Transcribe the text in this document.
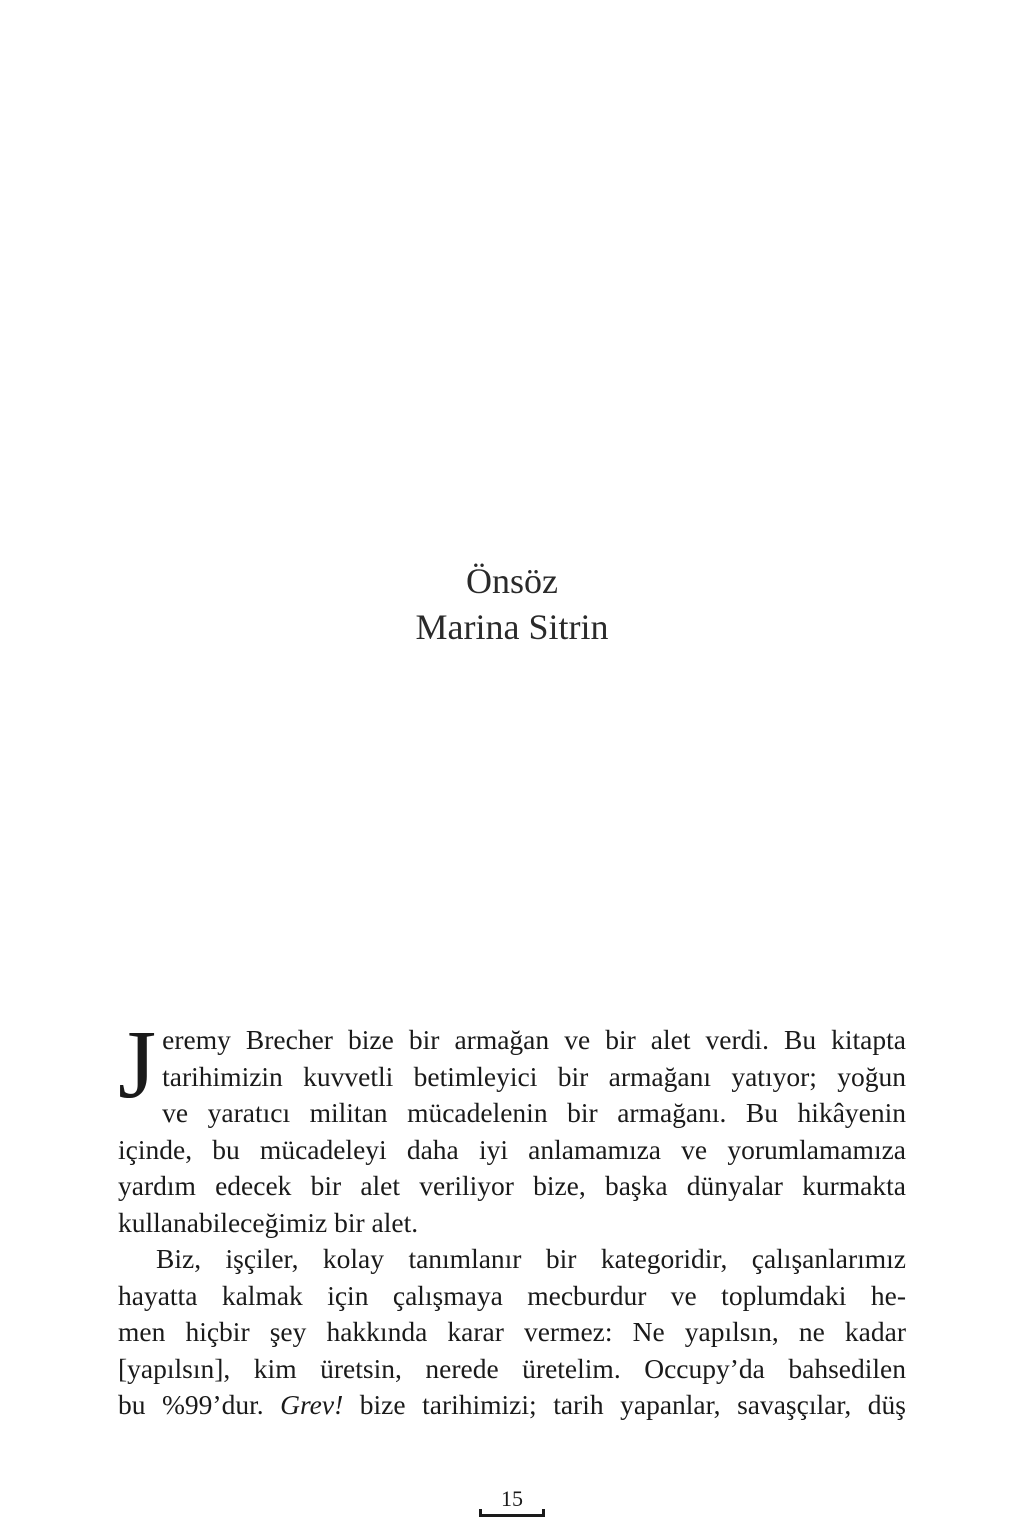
Önsöz
Marina Sitrin

J eremy Brecher bize bir armağan ve bir alet verdi. Bu kitapta
tarihimizin kuvvetli betimleyici bir armağanı yatıyor; yoğun
ve yaratıcı militan mücadelenin bir armağanı. Bu hikâyenin
içinde, bu mücadeleyi daha iyi anlamamıza ve yorumlamamıza
yardım edecek bir alet veriliyor bize, başka dünyalar kurmakta
kullanabileceğimiz bir alet.

Biz, işçiler, kolay tanımlanır bir kategoridir, çalışanlarımız
hayatta kalmak için çalışmaya mecburdur ve toplumdaki he-
men hiçbir şey hakkında karar vermez: Ne yapılsın, ne kadar
[yapılsın], kim üretsin, nerede üretelim. Occupy’da bahsedilen
bu %99’dur. Grev! bize tarihimizi; tarih yapanlar, savaşçılar, düş

15
